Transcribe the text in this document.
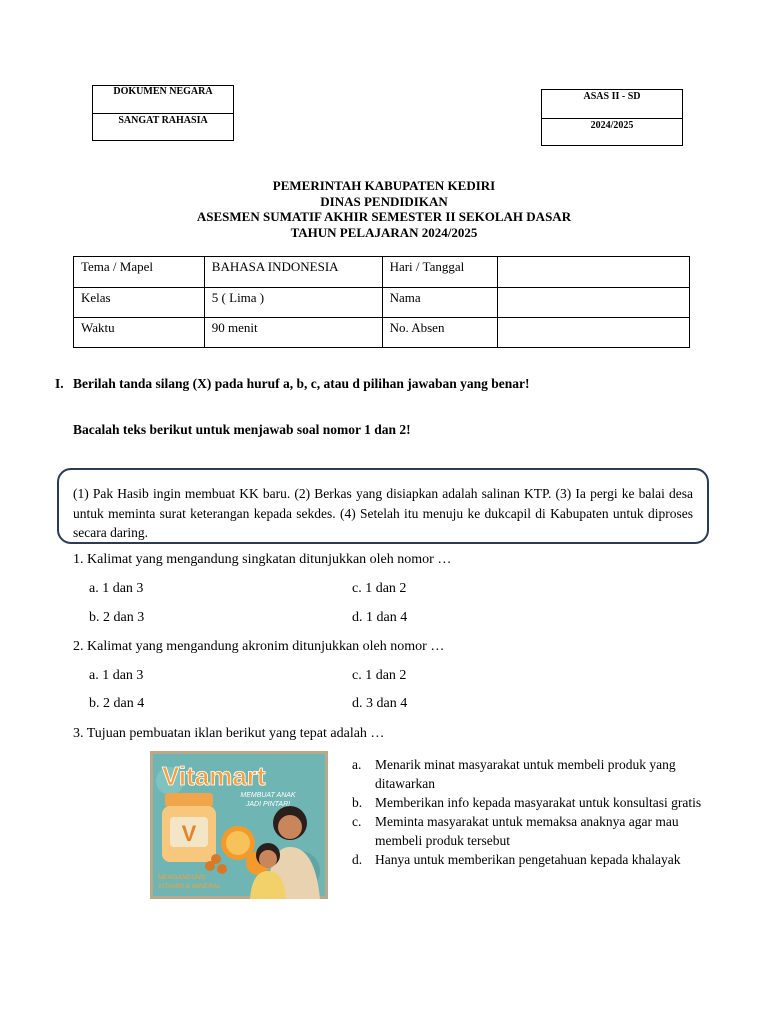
DOKUMEN NEGARA
SANGAT RAHASIA
ASAS II - SD
2024/2025
PEMERINTAH KABUPATEN KEDIRI
DINAS PENDIDIKAN
ASESMEN SUMATIF AKHIR SEMESTER II SEKOLAH DASAR
TAHUN PELAJARAN 2024/2025
Tema / Mapel	BAHASA INDONESIA	Hari / Tanggal	
Kelas	5 ( Lima )	Nama	
Waktu	90 menit	No. Absen	
I. Berilah tanda silang (X) pada huruf a, b, c, atau d pilihan jawaban yang benar!
Bacalah teks berikut untuk menjawab soal nomor 1 dan 2!
(1) Pak Hasib ingin membuat KK baru. (2) Berkas yang disiapkan adalah salinan KTP. (3) Ia pergi ke balai desa untuk meminta surat keterangan kepada sekdes. (4) Setelah itu menuju ke dukcapil di Kabupaten untuk diproses secara daring.
1. Kalimat yang mengandung singkatan ditunjukkan oleh nomor …
a. 1 dan 3	c. 1 dan 2
b. 2 dan 3	d. 1 dan 4
2. Kalimat yang mengandung akronim ditunjukkan oleh nomor …
a. 1 dan 3	c. 1 dan 2
b. 2 dan 4	d. 3 dan 4
3. Tujuan pembuatan iklan berikut yang tepat adalah …
V
Vitamart
MEMBUAT ANAK
JADI PINTAR!
MENGANDUNG
VITAMIN & MINERAL
a.	Menarik minat masyarakat untuk membeli produk yang ditawarkan
b. Memberikan info kepada masyarakat untuk konsultasi gratis
c.	Meminta masyarakat untuk memaksa anaknya agar mau membeli produk tersebut
d. Hanya untuk memberikan pengetahuan kepada khalayak
